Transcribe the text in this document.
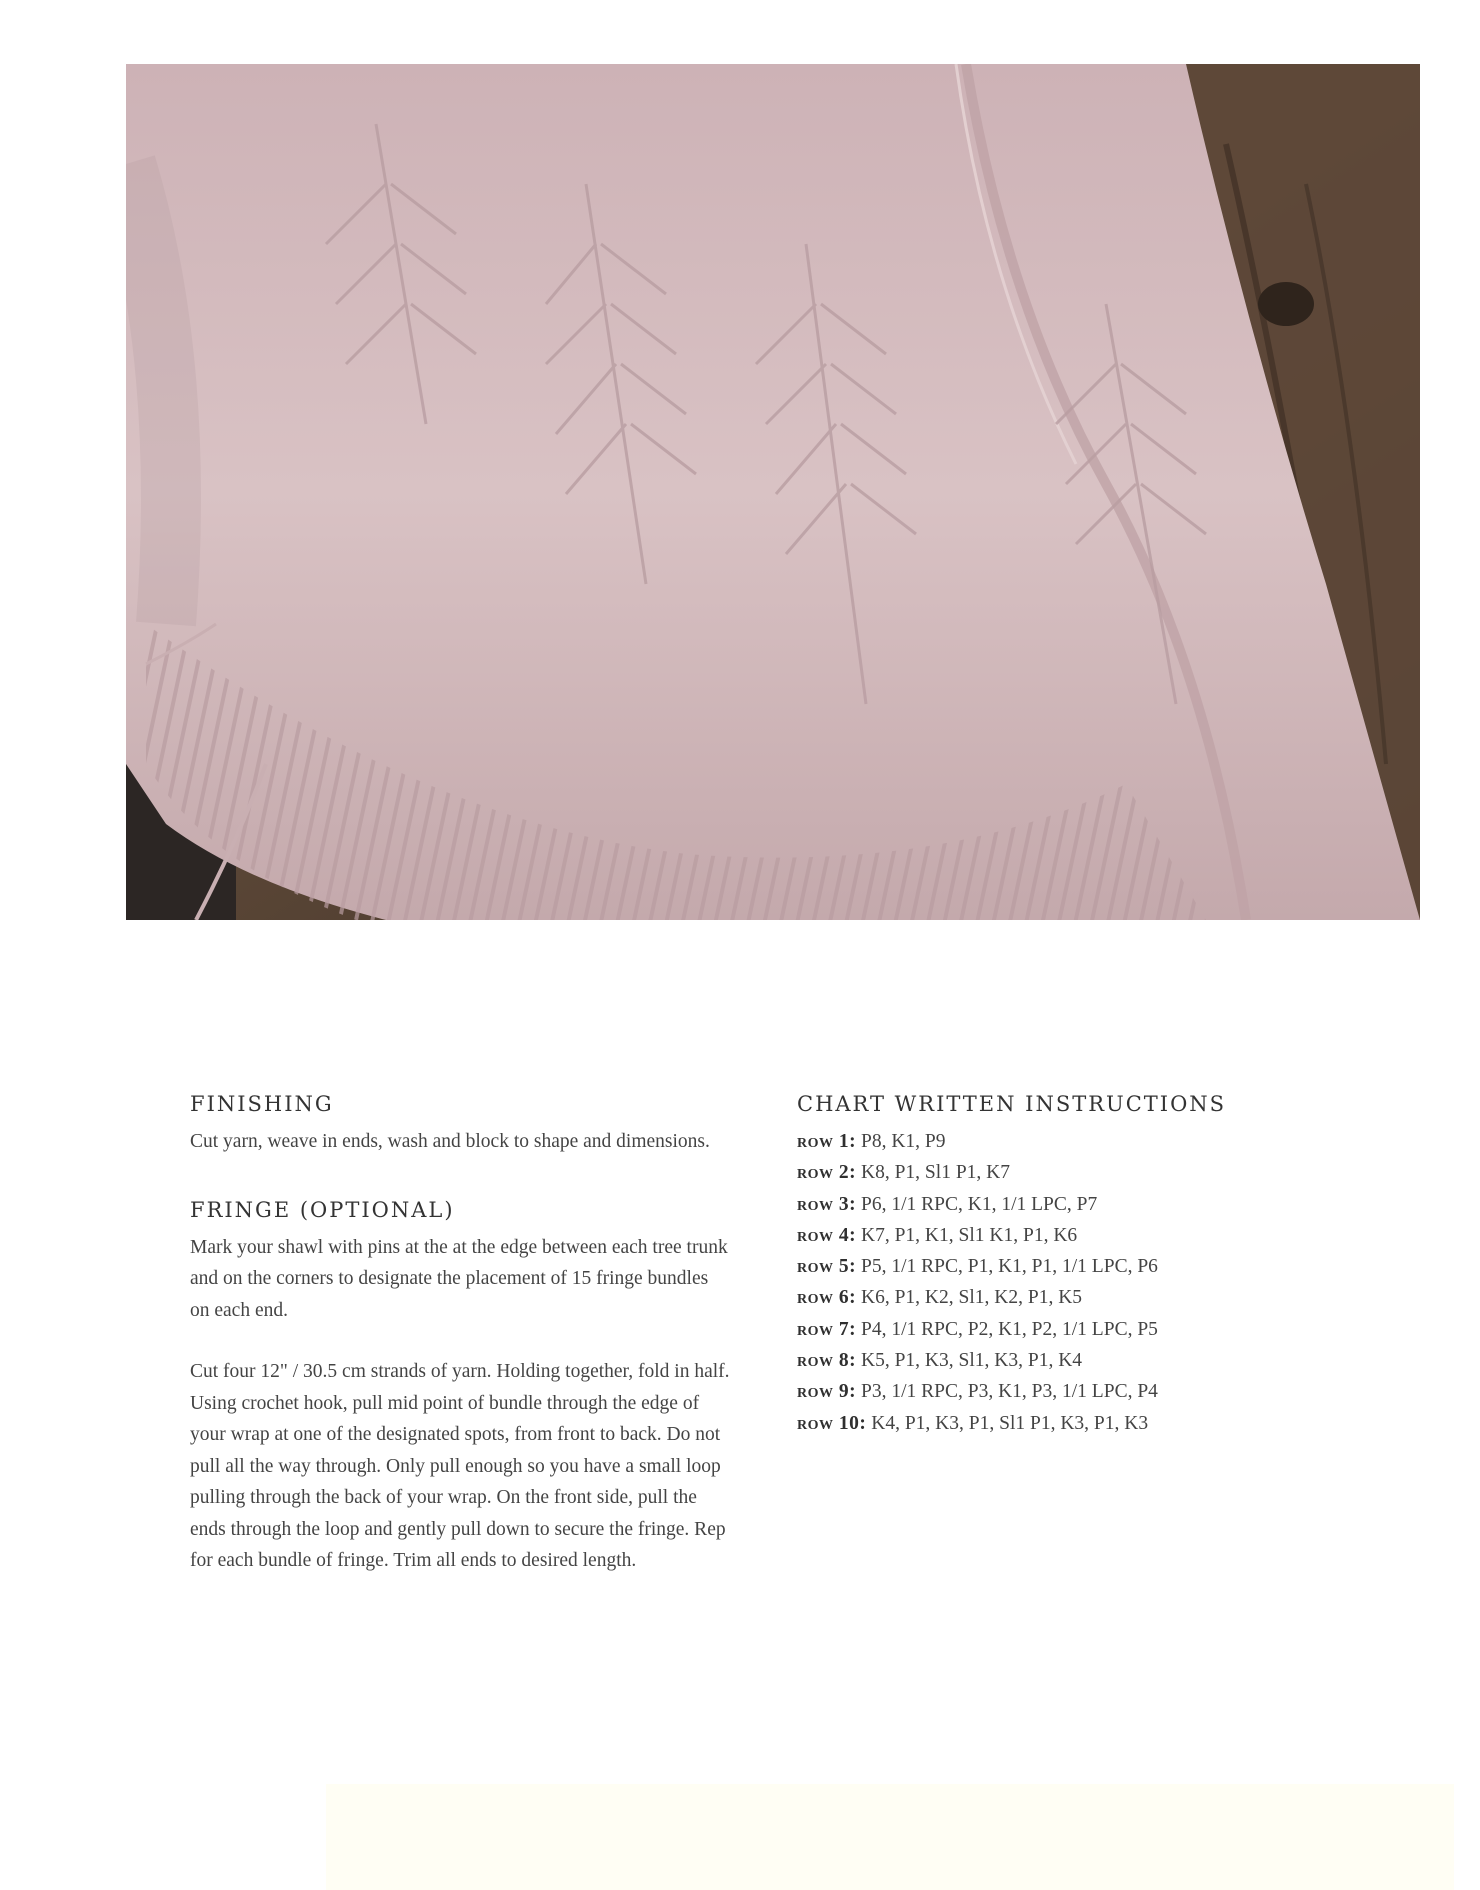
FINISHING

Cut yarn, weave in ends, wash and block to shape and dimensions.

FRINGE (OPTIONAL)

Mark your shawl with pins at the at the edge between each tree trunk and on the corners to designate the placement of 15 fringe bundles on each end.

Cut four 12" / 30.5 cm strands of yarn. Holding together, fold in half. Using crochet hook, pull mid point of bundle through the edge of your wrap at one of the designated spots, from front to back. Do not pull all the way through. Only pull enough so you have a small loop pulling through the back of your wrap. On the front side, pull the ends through the loop and gently pull down to secure the fringe. Rep for each bundle of fringe. Trim all ends to desired length.

CHART WRITTEN INSTRUCTIONS
row 1: P8, K1, P9
row 2: K8, P1, Sl1 P1, K7
row 3: P6, 1/1 RPC, K1, 1/1 LPC, P7
row 4: K7, P1, K1, Sl1 K1, P1, K6
row 5: P5, 1/1 RPC, P1, K1, P1, 1/1 LPC, P6
row 6: K6, P1, K2, Sl1, K2, P1, K5
row 7: P4, 1/1 RPC, P2, K1, P2, 1/1 LPC, P5
row 8: K5, P1, K3, Sl1, K3, P1, K4
row 9: P3, 1/1 RPC, P3, K1, P3, 1/1 LPC, P4
row 10: K4, P1, K3, P1, Sl1 P1, K3, P1, K3
